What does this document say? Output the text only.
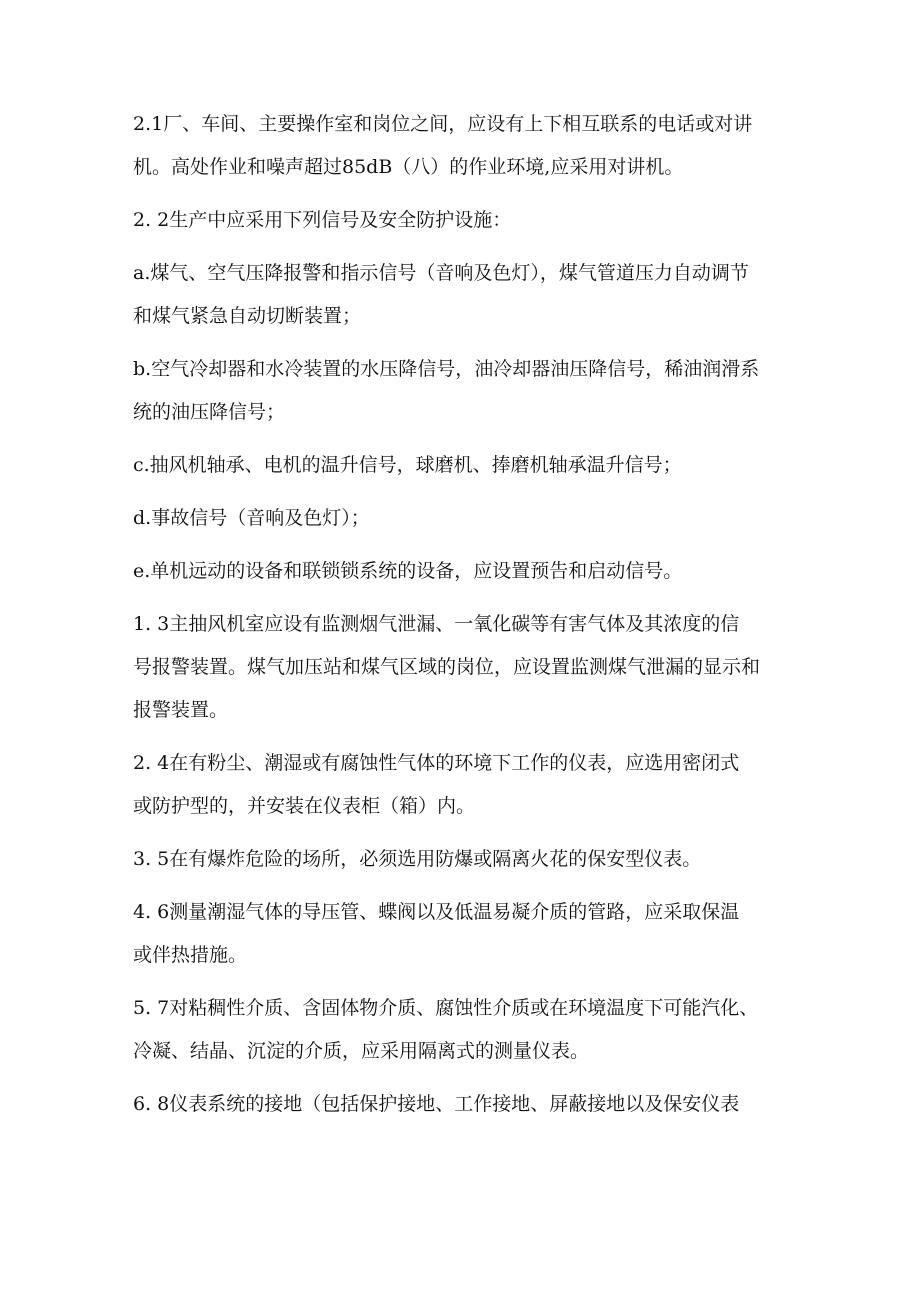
2.1厂、车间、主要操作室和岗位之间，应设有上下相互联系的电话或对讲

机。高处作业和噪声超过85dB（八）的作业环境,应采用对讲机。

2. 2生产中应采用下列信号及安全防护设施：

a.煤气、空气压降报警和指示信号（音响及色灯），煤气管道压力自动调节

和煤气紧急自动切断装置；

b.空气冷却器和水冷装置的水压降信号，油冷却器油压降信号，稀油润滑系

统的油压降信号；

c.抽风机轴承、电机的温升信号，球磨机、捧磨机轴承温升信号；

d.事故信号（音响及色灯）；

e.单机远动的设备和联锁锁系统的设备，应设置预告和启动信号。

1. 3主抽风机室应设有监测烟气泄漏、一氧化碳等有害气体及其浓度的信

号报警装置。煤气加压站和煤气区域的岗位，应设置监测煤气泄漏的显示和

报警装置。

2. 4在有粉尘、潮湿或有腐蚀性气体的环境下工作的仪表，应选用密闭式

或防护型的，并安装在仪表柜（箱）内。

3. 5在有爆炸危险的场所，必须选用防爆或隔离火花的保安型仪表。

4. 6测量潮湿气体的导压管、蝶阀以及低温易凝介质的管路，应采取保温

或伴热措施。

5. 7对粘稠性介质、含固体物介质、腐蚀性介质或在环境温度下可能汽化、

冷凝、结晶、沉淀的介质，应采用隔离式的测量仪表。

6. 8仪表系统的接地（包括保护接地、工作接地、屏蔽接地以及保安仪表
